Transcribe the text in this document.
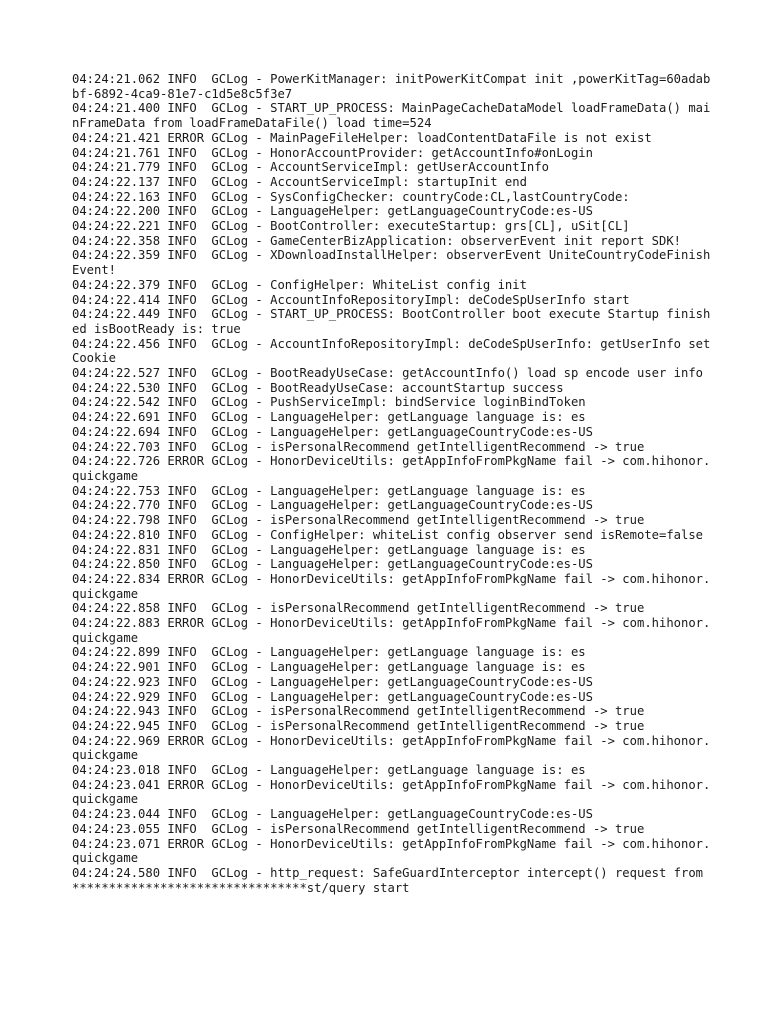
04:24:21.062 INFO  GCLog - PowerKitManager: initPowerKitCompat init ,powerKitTag=60adabbf-6892-4ca9-81e7-c1d5e8c5f3e7
04:24:21.400 INFO  GCLog - START_UP_PROCESS: MainPageCacheDataModel loadFrameData() mainFrameData from loadFrameDataFile() load time=524
04:24:21.421 ERROR GCLog - MainPageFileHelper: loadContentDataFile is not exist
04:24:21.761 INFO  GCLog - HonorAccountProvider: getAccountInfo#onLogin
04:24:21.779 INFO  GCLog - AccountServiceImpl: getUserAccountInfo
04:24:22.137 INFO  GCLog - AccountServiceImpl: startupInit end
04:24:22.163 INFO  GCLog - SysConfigChecker: countryCode:CL,lastCountryCode:
04:24:22.200 INFO  GCLog - LanguageHelper: getLanguageCountryCode:es-US
04:24:22.221 INFO  GCLog - BootController: executeStartup: grs[CL], uSit[CL]
04:24:22.358 INFO  GCLog - GameCenterBizApplication: observerEvent init report SDK!
04:24:22.359 INFO  GCLog - XDownloadInstallHelper: observerEvent UniteCountryCodeFinishEvent!
04:24:22.379 INFO  GCLog - ConfigHelper: WhiteList config init
04:24:22.414 INFO  GCLog - AccountInfoRepositoryImpl: deCodeSpUserInfo start
04:24:22.449 INFO  GCLog - START_UP_PROCESS: BootController boot execute Startup finished isBootReady is: true
04:24:22.456 INFO  GCLog - AccountInfoRepositoryImpl: deCodeSpUserInfo: getUserInfo setCookie
04:24:22.527 INFO  GCLog - BootReadyUseCase: getAccountInfo() load sp encode user info
04:24:22.530 INFO  GCLog - BootReadyUseCase: accountStartup success
04:24:22.542 INFO  GCLog - PushServiceImpl: bindService loginBindToken
04:24:22.691 INFO  GCLog - LanguageHelper: getLanguage language is: es
04:24:22.694 INFO  GCLog - LanguageHelper: getLanguageCountryCode:es-US
04:24:22.703 INFO  GCLog - isPersonalRecommend getIntelligentRecommend -> true
04:24:22.726 ERROR GCLog - HonorDeviceUtils: getAppInfoFromPkgName fail -> com.hihonor.quickgame
04:24:22.753 INFO  GCLog - LanguageHelper: getLanguage language is: es
04:24:22.770 INFO  GCLog - LanguageHelper: getLanguageCountryCode:es-US
04:24:22.798 INFO  GCLog - isPersonalRecommend getIntelligentRecommend -> true
04:24:22.810 INFO  GCLog - ConfigHelper: whiteList config observer send isRemote=false
04:24:22.831 INFO  GCLog - LanguageHelper: getLanguage language is: es
04:24:22.850 INFO  GCLog - LanguageHelper: getLanguageCountryCode:es-US
04:24:22.834 ERROR GCLog - HonorDeviceUtils: getAppInfoFromPkgName fail -> com.hihonor.quickgame
04:24:22.858 INFO  GCLog - isPersonalRecommend getIntelligentRecommend -> true
04:24:22.883 ERROR GCLog - HonorDeviceUtils: getAppInfoFromPkgName fail -> com.hihonor.quickgame
04:24:22.899 INFO  GCLog - LanguageHelper: getLanguage language is: es
04:24:22.901 INFO  GCLog - LanguageHelper: getLanguage language is: es
04:24:22.923 INFO  GCLog - LanguageHelper: getLanguageCountryCode:es-US
04:24:22.929 INFO  GCLog - LanguageHelper: getLanguageCountryCode:es-US
04:24:22.943 INFO  GCLog - isPersonalRecommend getIntelligentRecommend -> true
04:24:22.945 INFO  GCLog - isPersonalRecommend getIntelligentRecommend -> true
04:24:22.969 ERROR GCLog - HonorDeviceUtils: getAppInfoFromPkgName fail -> com.hihonor.quickgame
04:24:23.018 INFO  GCLog - LanguageHelper: getLanguage language is: es
04:24:23.041 ERROR GCLog - HonorDeviceUtils: getAppInfoFromPkgName fail -> com.hihonor.quickgame
04:24:23.044 INFO  GCLog - LanguageHelper: getLanguageCountryCode:es-US
04:24:23.055 INFO  GCLog - isPersonalRecommend getIntelligentRecommend -> true
04:24:23.071 ERROR GCLog - HonorDeviceUtils: getAppInfoFromPkgName fail -> com.hihonor.quickgame
04:24:24.580 INFO  GCLog - http_request: SafeGuardInterceptor intercept() request from  ********************************st/query start
